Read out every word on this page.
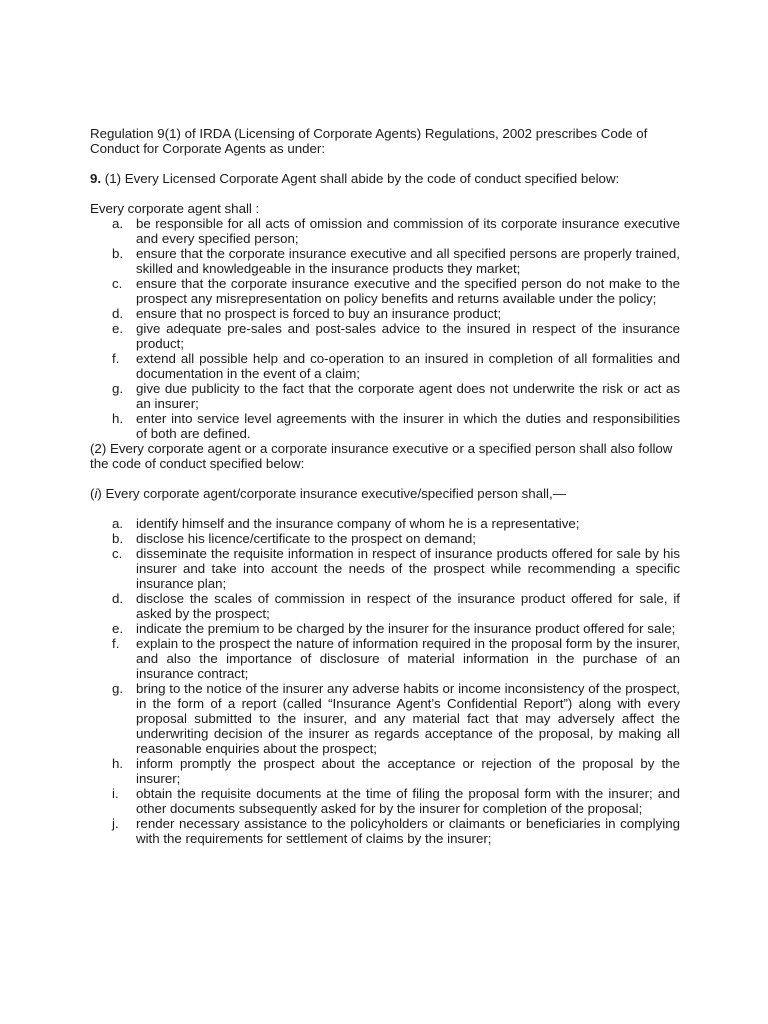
Regulation 9(1) of IRDA (Licensing of Corporate Agents) Regulations, 2002 prescribes Code of Conduct for Corporate Agents as under:

9. (1) Every Licensed Corporate Agent shall abide by the code of conduct specified below:

Every corporate agent shall :

a. be responsible for all acts of omission and commission of its corporate insurance executive and every specified person;
b. ensure that the corporate insurance executive and all specified persons are properly trained, skilled and knowledgeable in the insurance products they market;
c. ensure that the corporate insurance executive and the specified person do not make to the prospect any misrepresentation on policy benefits and returns available under the policy;
d. ensure that no prospect is forced to buy an insurance product;
e. give adequate pre-sales and post-sales advice to the insured in respect of the insurance product;
f. extend all possible help and co-operation to an insured in completion of all formalities and documentation in the event of a claim;
g. give due publicity to the fact that the corporate agent does not underwrite the risk or act as an insurer;
h. enter into service level agreements with the insurer in which the duties and responsibilities of both are defined.

(2) Every corporate agent or a corporate insurance executive or a specified person shall also follow the code of conduct specified below:

(i) Every corporate agent/corporate insurance executive/specified person shall,—

a. identify himself and the insurance company of whom he is a representative;
b. disclose his licence/certificate to the prospect on demand;
c. disseminate the requisite information in respect of insurance products offered for sale by his insurer and take into account the needs of the prospect while recommending a specific insurance plan;
d. disclose the scales of commission in respect of the insurance product offered for sale, if asked by the prospect;
e. indicate the premium to be charged by the insurer for the insurance product offered for sale;
f. explain to the prospect the nature of information required in the proposal form by the insurer, and also the importance of disclosure of material information in the purchase of an insurance contract;
g. bring to the notice of the insurer any adverse habits or income inconsistency of the prospect, in the form of a report (called “Insurance Agent’s Confidential Report”) along with every proposal submitted to the insurer, and any material fact that may adversely affect the underwriting decision of the insurer as regards acceptance of the proposal, by making all reasonable enquiries about the prospect;
h. inform promptly the prospect about the acceptance or rejection of the proposal by the insurer;
i. obtain the requisite documents at the time of filing the proposal form with the insurer; and other documents subsequently asked for by the insurer for completion of the proposal;
j. render necessary assistance to the policyholders or claimants or beneficiaries in complying with the requirements for settlement of claims by the insurer;
